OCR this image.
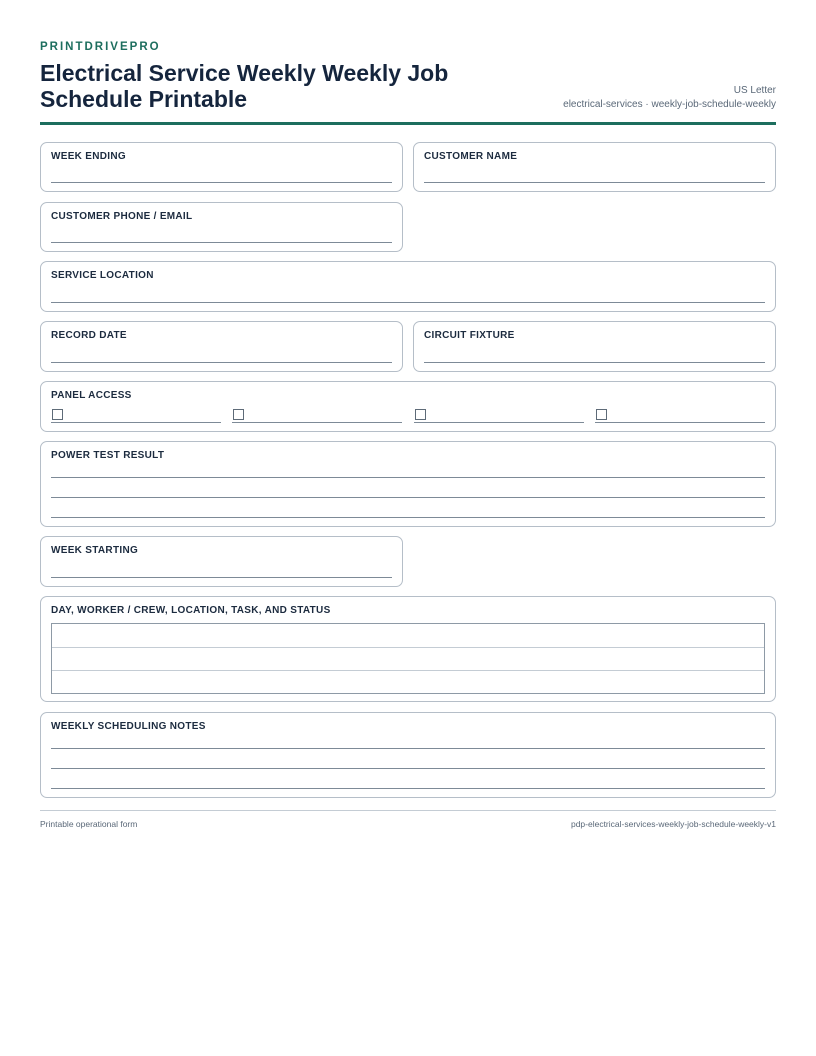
PRINTDRIVEPRO
Electrical Service Weekly Weekly Job Schedule Printable	US Letter
electrical-services · weekly-job-schedule-weekly
WEEK ENDING	CUSTOMER NAME
CUSTOMER PHONE / EMAIL
SERVICE LOCATION
RECORD DATE	CIRCUIT FIXTURE
PANEL ACCESS
POWER TEST RESULT
WEEK STARTING
DAY, WORKER / CREW, LOCATION, TASK, AND STATUS
WEEKLY SCHEDULING NOTES
Printable operational form	pdp-electrical-services-weekly-job-schedule-weekly-v1
